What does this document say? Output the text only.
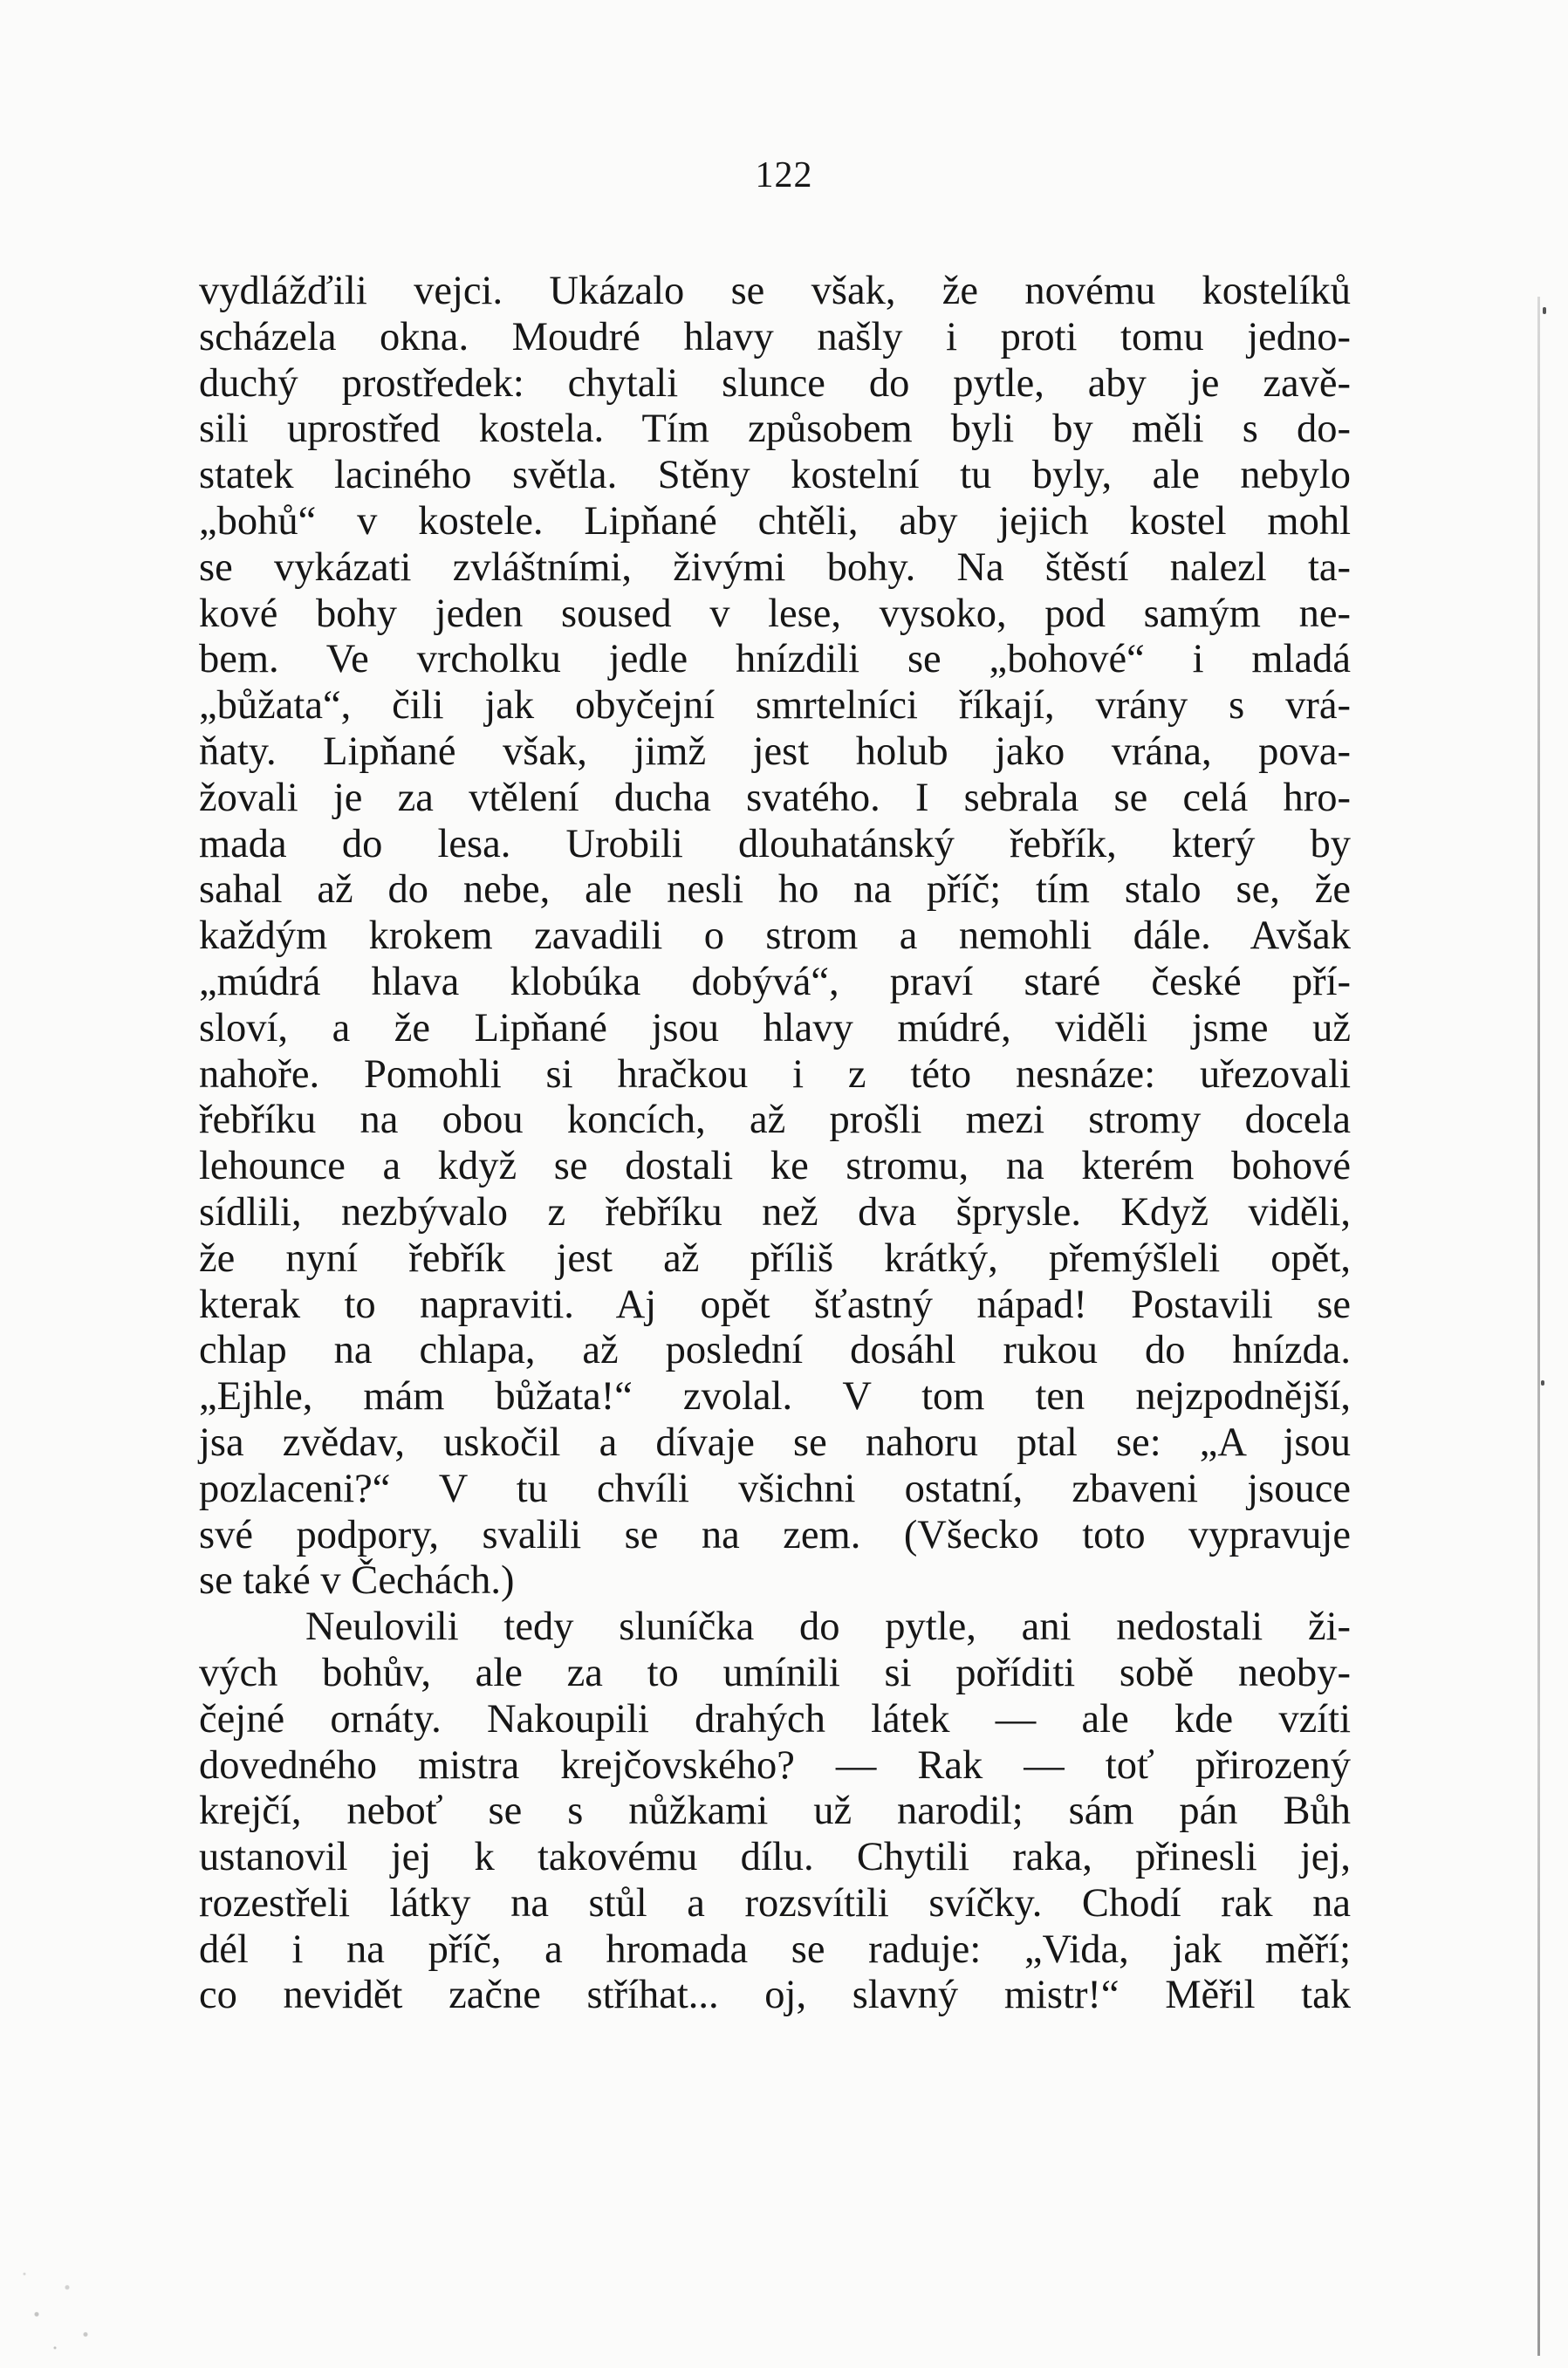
122
vydlážďili vejci. Ukázalo se však, že novému kostelíků
scházela okna. Moudré hlavy našly i proti tomu jedno-
duchý prostředek: chytali slunce do pytle, aby je zavě-
sili uprostřed kostela. Tím způsobem byli by měli s do-
statek laciného světla. Stěny kostelní tu byly, ale nebylo
„bohů“ v kostele. Lipňané chtěli, aby jejich kostel mohl
se vykázati zvláštními, živými bohy. Na štěstí nalezl ta-
kové bohy jeden soused v lese, vysoko, pod samým ne-
bem. Ve vrcholku jedle hnízdili se „bohové“ i mladá
„bůžata“, čili jak obyčejní smrtelníci říkají, vrány s vrá-
ňaty. Lipňané však, jimž jest holub jako vrána, pova-
žovali je za vtělení ducha svatého. I sebrala se celá hro-
mada do lesa. Urobili dlouhatánský řebřík, který by
sahal až do nebe, ale nesli ho na příč; tím stalo se, že
každým krokem zavadili o strom a nemohli dále. Avšak
„múdrá hlava klobúka dobývá“, praví staré české pří-
sloví, a že Lipňané jsou hlavy múdré, viděli jsme už
nahoře. Pomohli si hračkou i z této nesnáze: uřezovali
řebříku na obou koncích, až prošli mezi stromy docela
lehounce a když se dostali ke stromu, na kterém bohové
sídlili, nezbývalo z řebříku než dva šprysle. Když viděli,
že nyní řebřík jest až příliš krátký, přemýšleli opět,
kterak to napraviti. Aj opět šťastný nápad! Postavili se
chlap na chlapa, až poslední dosáhl rukou do hnízda.
„Ejhle, mám bůžata!“ zvolal. V tom ten nejzpodnější,
jsa zvědav, uskočil a dívaje se nahoru ptal se: „A jsou
pozlaceni?“ V tu chvíli všichni ostatní, zbaveni jsouce
své podpory, svalili se na zem. (Všecko toto vypravuje
se také v Čechách.)
Neulovili tedy sluníčka do pytle, ani nedostali ži-
vých bohův, ale za to umínili si poříditi sobě neoby-
čejné ornáty. Nakoupili drahých látek — ale kde vzíti
dovedného mistra krejčovského? — Rak — toť přirozený
krejčí, neboť se s nůžkami už narodil; sám pán Bůh
ustanovil jej k takovému dílu. Chytili raka, přinesli jej,
rozestřeli látky na stůl a rozsvítili svíčky. Chodí rak na
dél i na příč, a hromada se raduje: „Vida, jak měří;
co nevidět začne stříhat... oj, slavný mistr!“ Měřil tak
